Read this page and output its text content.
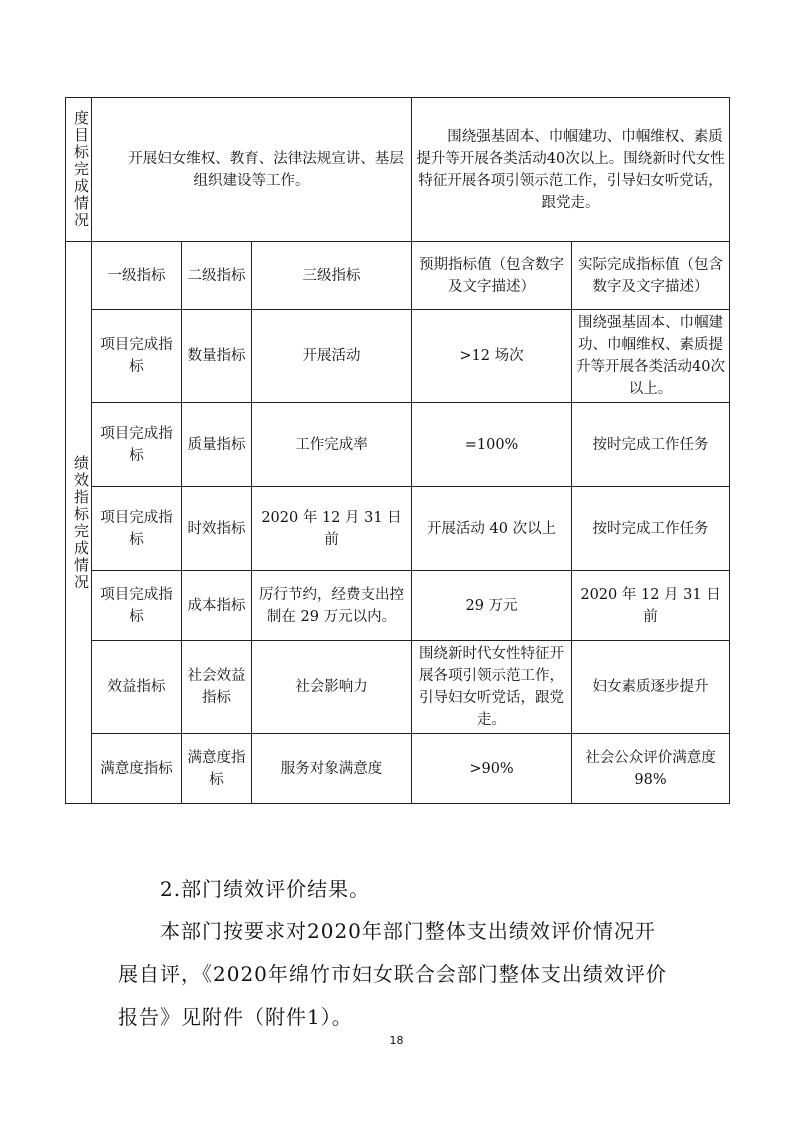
度目标完成情况	开展妇女维权、教育、法律法规宣讲、基层组织建设等工作。			围绕强基固本、巾帼建功、巾帼维权、素质提升等开展各类活动40次以上。围绕新时代女性特征开展各项引领示范工作，引导妇女听党话，跟党走。	

绩效指标完成情况	一级指标	二级指标	三级指标	预期指标值（包含数字及文字描述）	实际完成指标值（包含数字及文字描述）
	项目完成指标	数量指标	开展活动	>12 场次	围绕强基固本、巾帼建功、巾帼维权、素质提升等开展各类活动40次以上。
	项目完成指标	质量指标	工作完成率	=100%	按时完成工作任务
	项目完成指标	时效指标	2020 年 12 月 31 日前	开展活动 40 次以上	按时完成工作任务
	项目完成指标	成本指标	厉行节约，经费支出控制在 29 万元以内。	29 万元	2020 年 12 月 31 日前
	效益指标	社会效益指标	社会影响力	围绕新时代女性特征开展各项引领示范工作，引导妇女听党话，跟党走。	妇女素质逐步提升
	满意度指标	满意度指标	服务对象满意度	>90%	社会公众评价满意度98%
2.部门绩效评价结果。
本部门按要求对2020年部门整体支出绩效评价情况开
展自评，《2020年绵竹市妇女联合会部门整体支出绩效评价
报告》见附件（附件1）。
18
